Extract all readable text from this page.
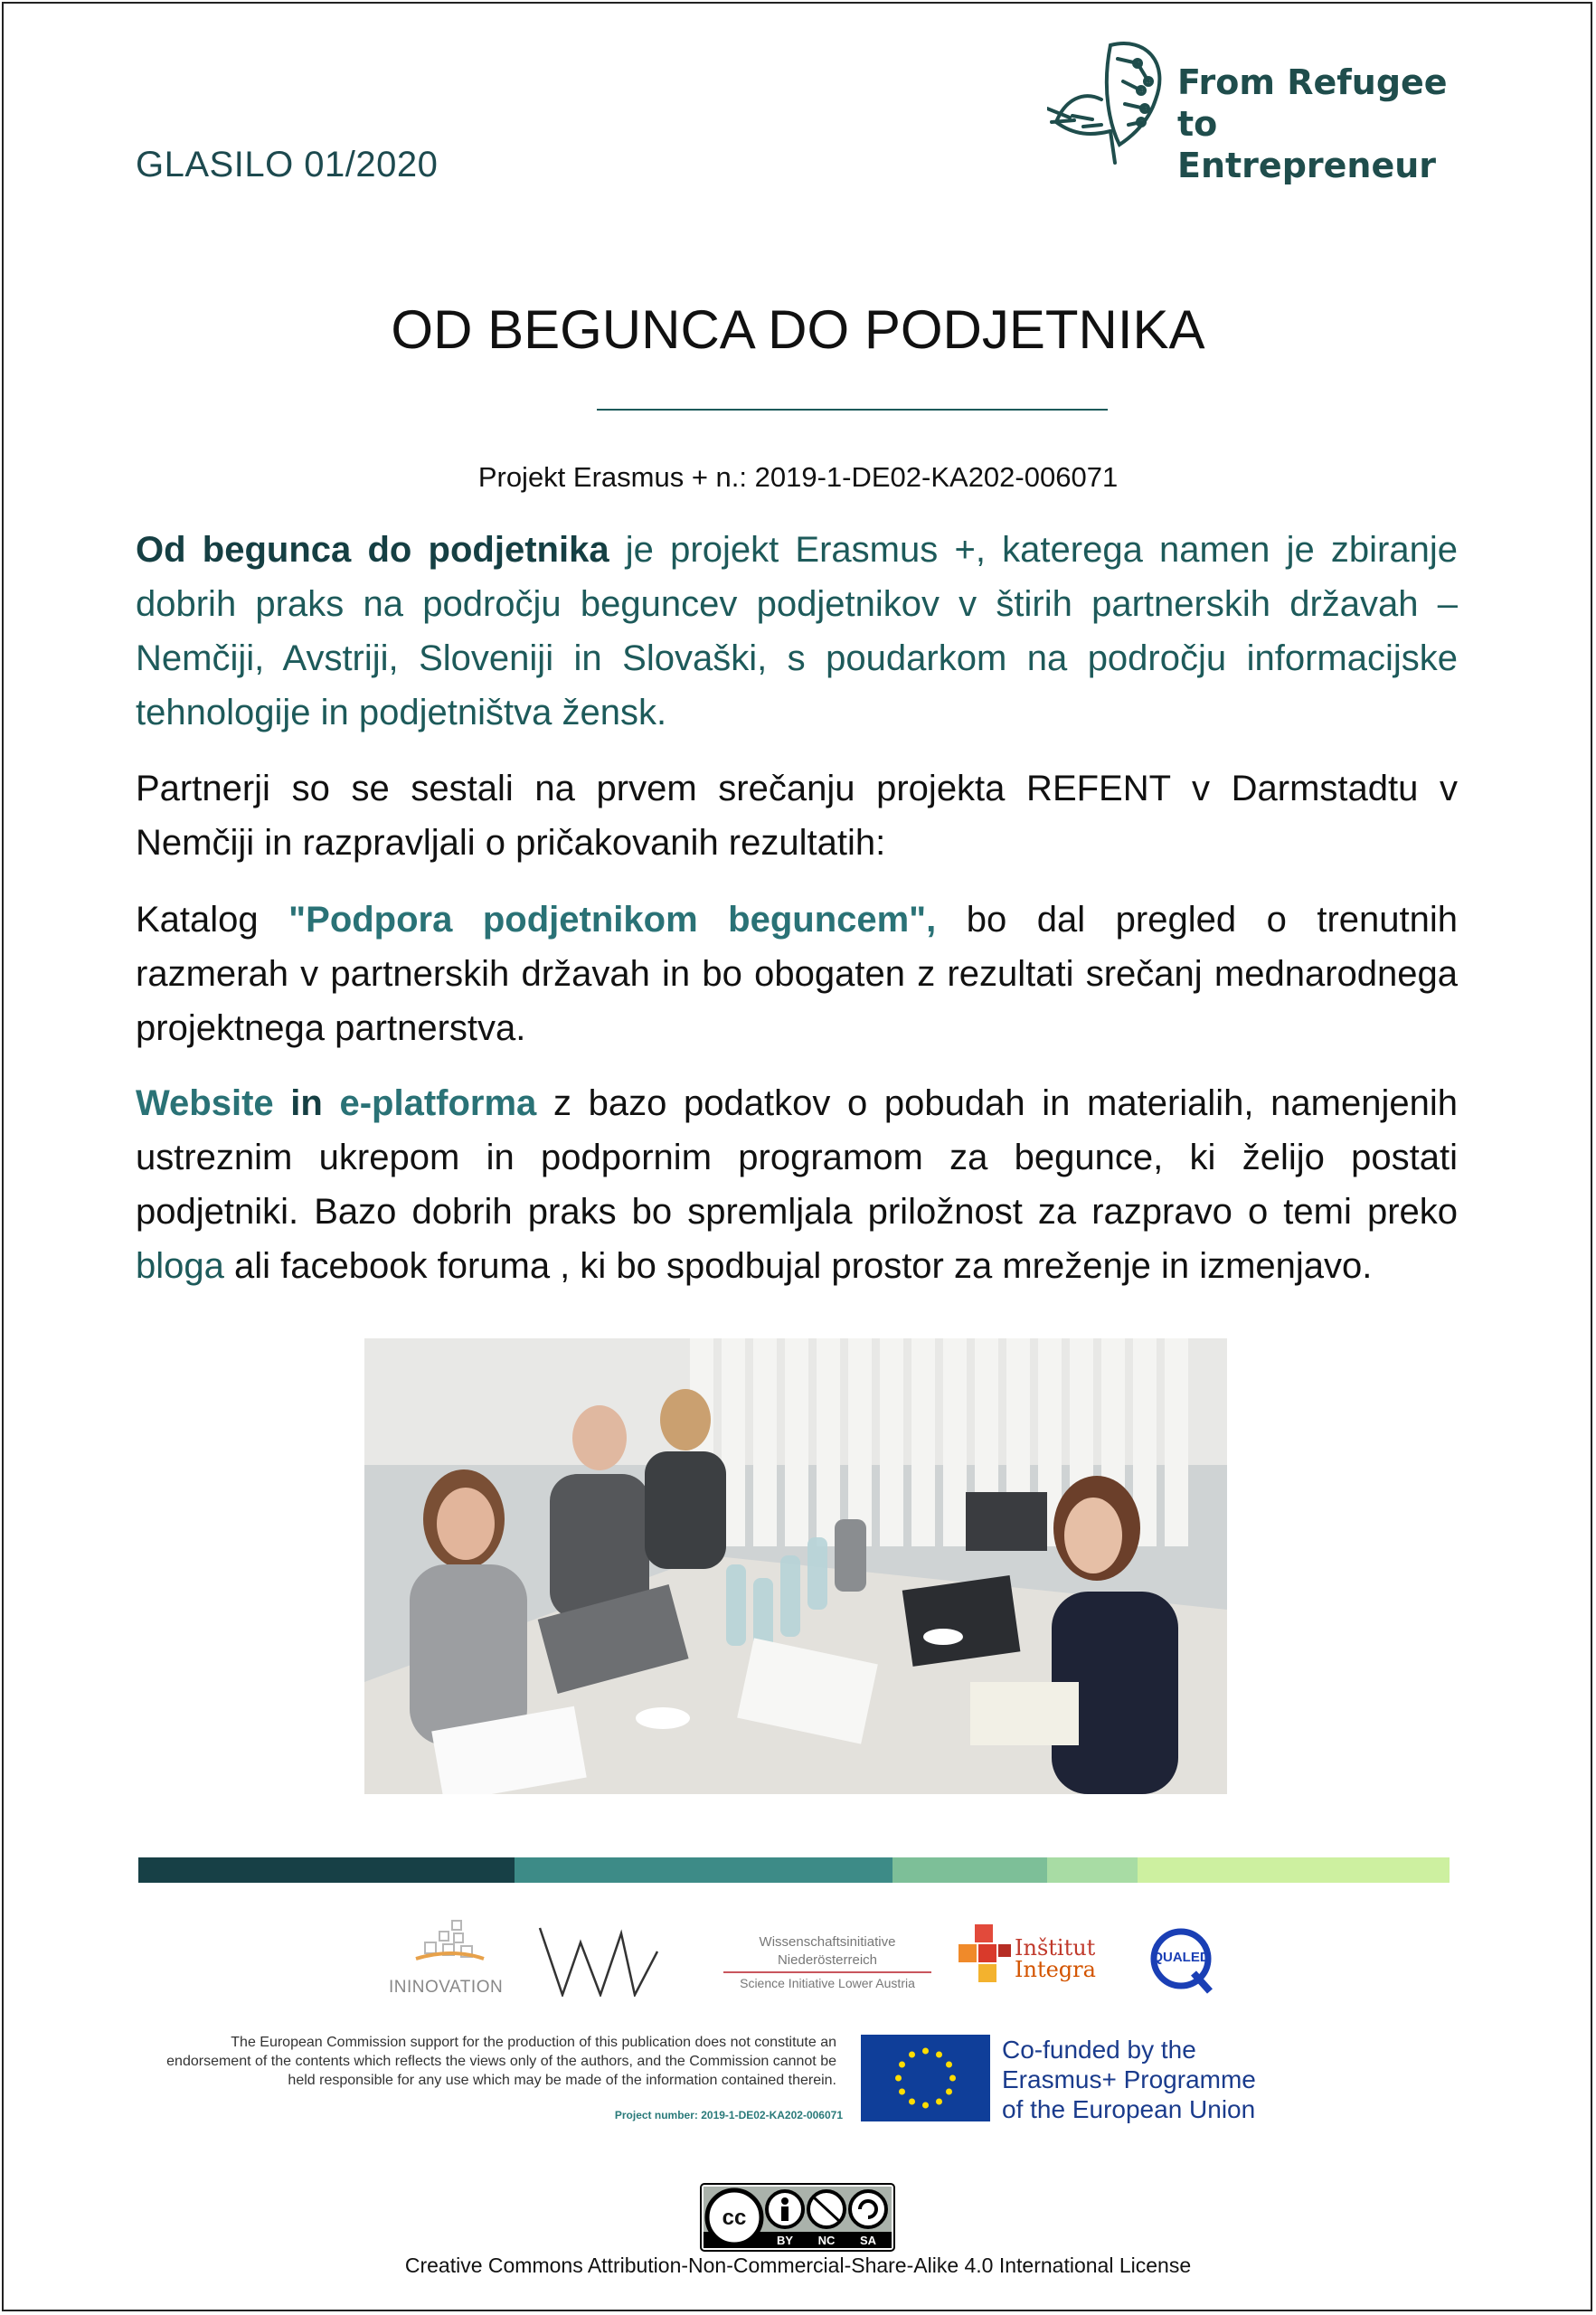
GLASILO 01/2020
From Refugee
to Entrepreneur
OD BEGUNCA DO PODJETNIKA
Projekt Erasmus + n.: 2019-1-DE02-KA202-006071
Od begunca do podjetnika je projekt Erasmus +, katerega namen je zbiranje dobrih praks na področju beguncev podjetnikov v štirih partnerskih državah – Nemčiji, Avstriji, Sloveniji in Slovaški, s poudarkom na področju informacijske tehnologije in podjetništva žensk.
Partnerji so se sestali na prvem srečanju projekta REFENT v Darmstadtu v Nemčiji in razpravljali o pričakovanih rezultatih:
Katalog "Podpora podjetnikom beguncem", bo dal pregled o trenutnih razmerah v partnerskih državah in bo obogaten z rezultati srečanj mednarodnega projektnega partnerstva.
Website in e-platforma z bazo podatkov o pobudah in materialih, namenjenih ustreznim ukrepom in podpornim programom za begunce, ki želijo postati podjetniki. Bazo dobrih praks bo spremljala priložnost za razpravo o temi preko bloga ali facebook foruma , ki bo spodbujal prostor za mreženje in izmenjavo.
ININOVATION
Wissenschaftsinitiative
Niederösterreich
Science Initiative Lower Austria
Inštitut
Integra	QUALED
The European Commission support for the production of this publication does not constitute an endorsement of the contents which reflects the views only of the authors, and the Commission cannot be held responsible for any use which may be made of the information contained therein.
Project number: 2019-1-DE02-KA202-006071
Co-funded by the
Erasmus+ Programme
of the European Union
cc
BY	NC	SA
Creative Commons Attribution-Non-Commercial-Share-Alike 4.0 International License
